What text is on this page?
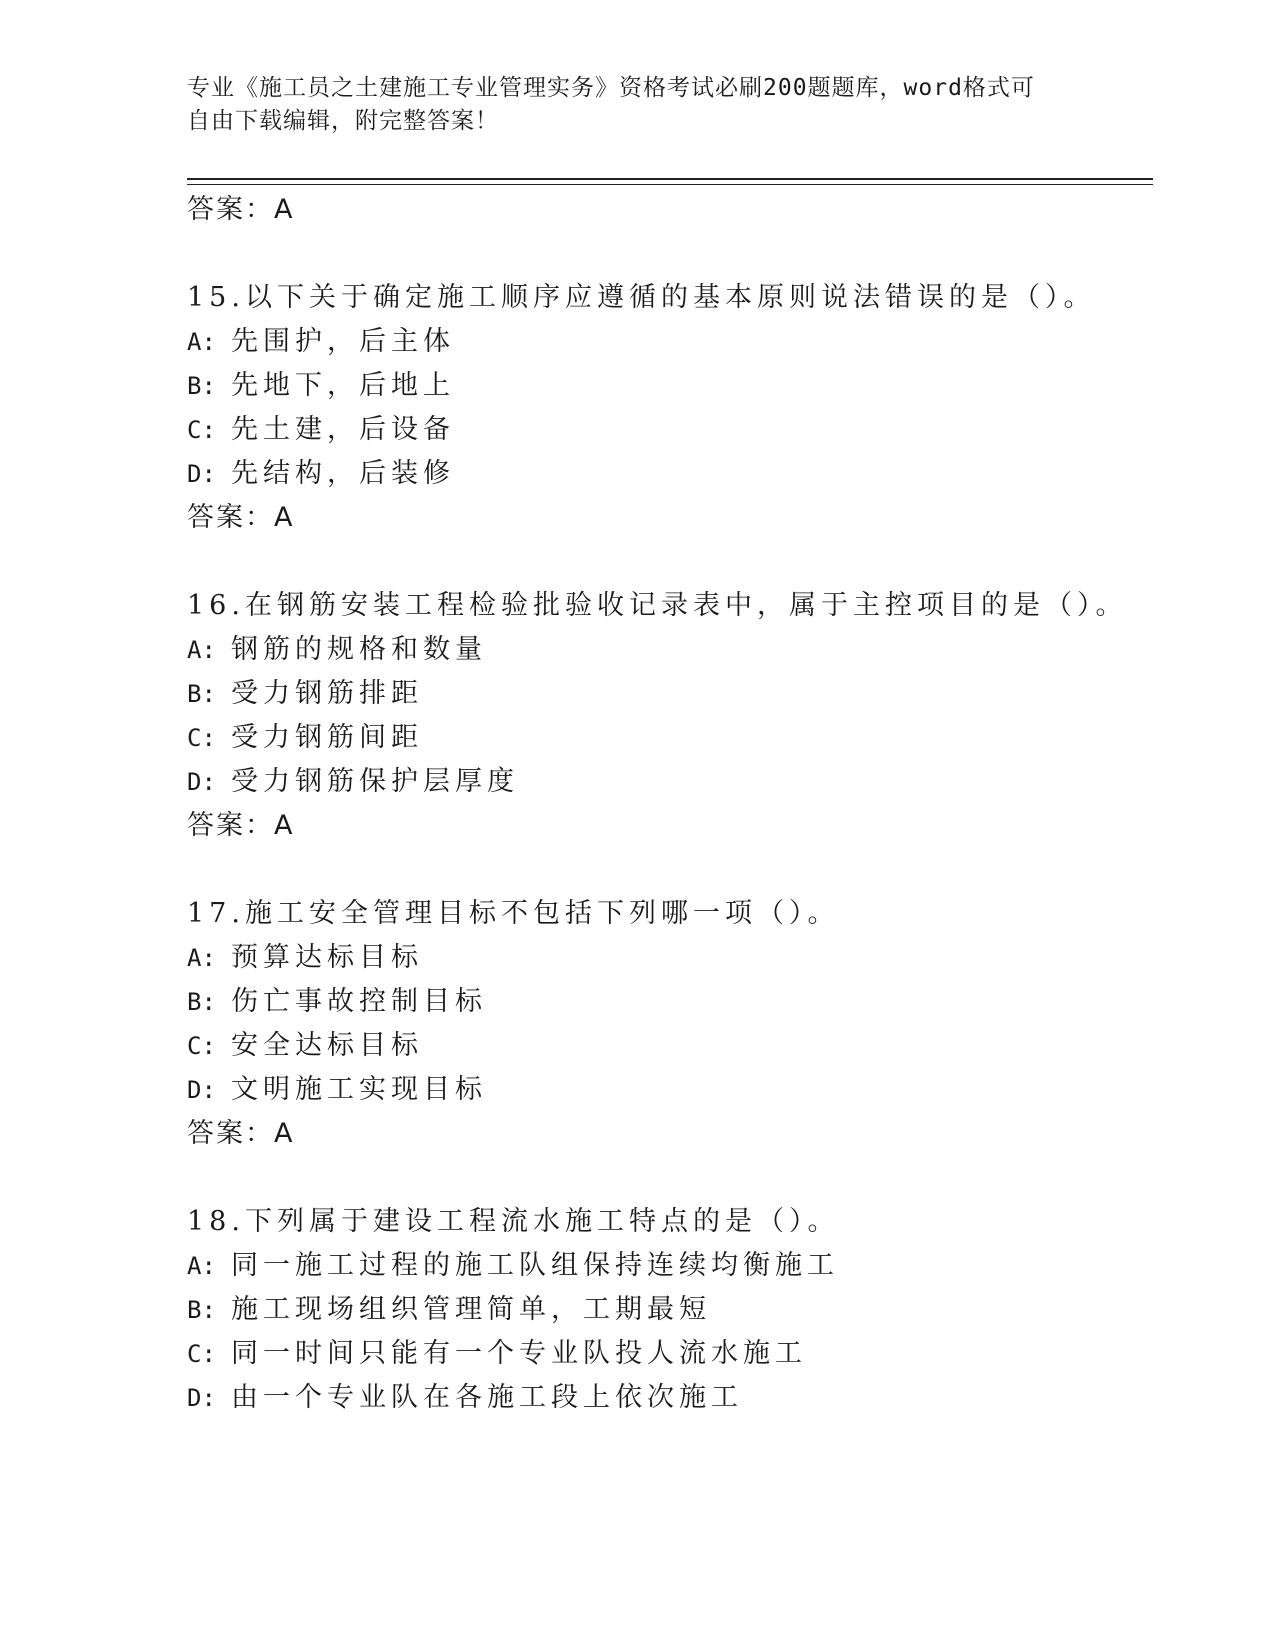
专业《施工员之土建施工专业管理实务》资格考试必刷200题题库，word格式可
自由下载编辑，附完整答案！
答案：A
15.以下关于确定施工顺序应遵循的基本原则说法错误的是（）。
A: 先围护，后主体
B: 先地下，后地上
C: 先土建，后设备
D: 先结构，后装修
答案：A
16.在钢筋安装工程检验批验收记录表中，属于主控项目的是（）。
A: 钢筋的规格和数量
B: 受力钢筋排距
C: 受力钢筋间距
D: 受力钢筋保护层厚度
答案：A
17.施工安全管理目标不包括下列哪一项（）。
A: 预算达标目标
B: 伤亡事故控制目标
C: 安全达标目标
D: 文明施工实现目标
答案：A
18.下列属于建设工程流水施工特点的是（）。
A: 同一施工过程的施工队组保持连续均衡施工
B: 施工现场组织管理简单，工期最短
C: 同一时间只能有一个专业队投人流水施工
D: 由一个专业队在各施工段上依次施工
